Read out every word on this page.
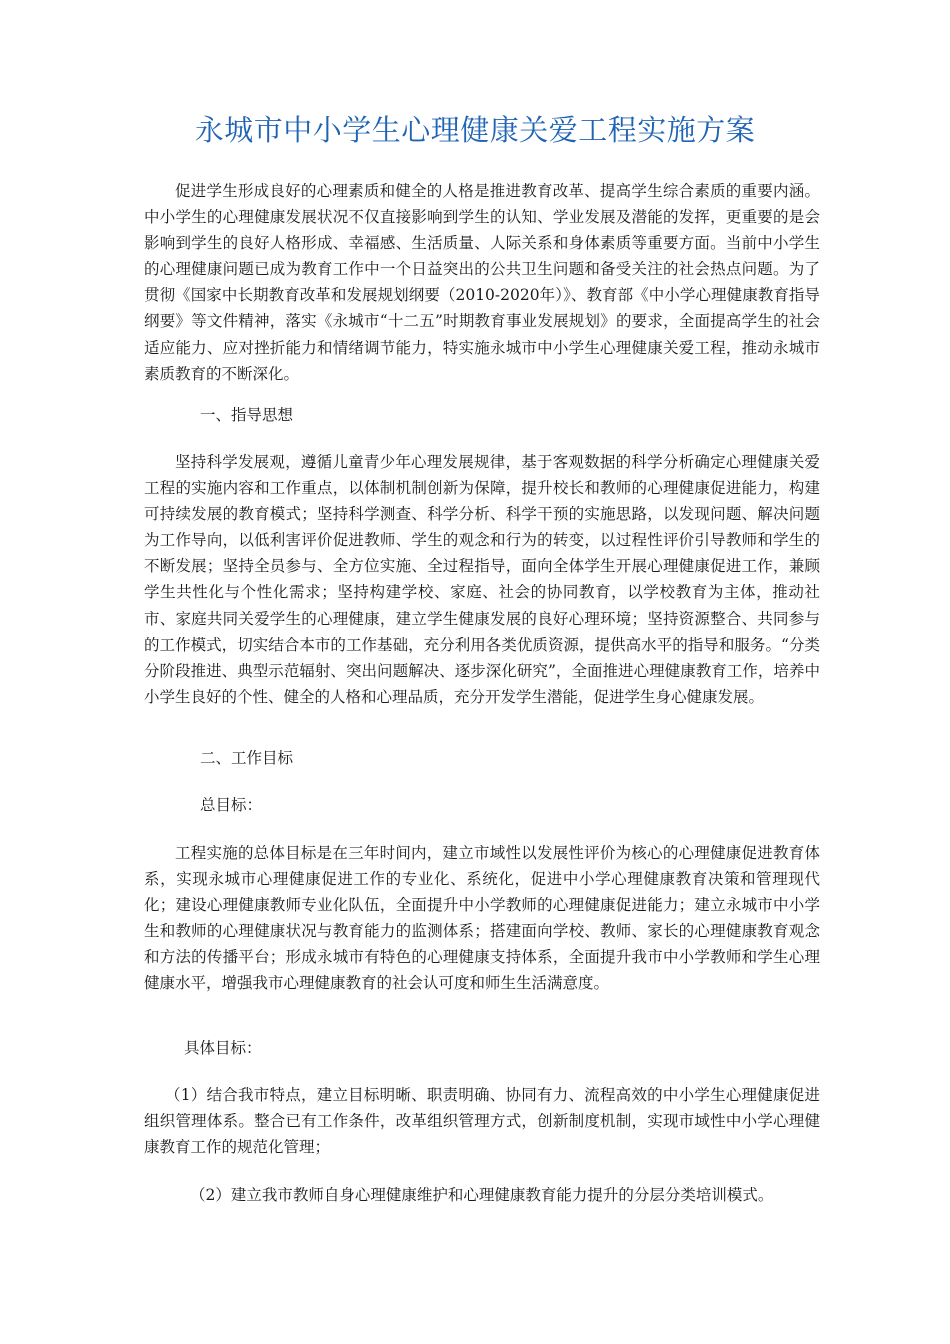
永城市中小学生心理健康关爱工程实施方案

促进学生形成良好的心理素质和健全的人格是推进教育改革、提高学生综合素质的重要内涵。中小学生的心理健康发展状况不仅直接影响到学生的认知、学业发展及潜能的发挥，更重要的是会影响到学生的良好人格形成、幸福感、生活质量、人际关系和身体素质等重要方面。当前中小学生的心理健康问题已成为教育工作中一个日益突出的公共卫生问题和备受关注的社会热点问题。为了贯彻《国家中长期教育改革和发展规划纲要（2010-2020年）》、教育部《中小学心理健康教育指导纲要》等文件精神，落实《永城市“十二五”时期教育事业发展规划》的要求，全面提高学生的社会适应能力、应对挫折能力和情绪调节能力，特实施永城市中小学生心理健康关爱工程，推动永城市素质教育的不断深化。

一、指导思想

坚持科学发展观，遵循儿童青少年心理发展规律，基于客观数据的科学分析确定心理健康关爱工程的实施内容和工作重点，以体制机制创新为保障，提升校长和教师的心理健康促进能力，构建可持续发展的教育模式；坚持科学测查、科学分析、科学干预的实施思路，以发现问题、解决问题为工作导向，以低利害评价促进教师、学生的观念和行为的转变，以过程性评价引导教师和学生的不断发展；坚持全员参与、全方位实施、全过程指导，面向全体学生开展心理健康促进工作，兼顾学生共性化与个性化需求；坚持构建学校、家庭、社会的协同教育，以学校教育为主体，推动社市、家庭共同关爱学生的心理健康，建立学生健康发展的良好心理环境；坚持资源整合、共同参与的工作模式，切实结合本市的工作基础，充分利用各类优质资源，提供高水平的指导和服务。“分类分阶段推进、典型示范辐射、突出问题解决、逐步深化研究”，全面推进心理健康教育工作，培养中小学生良好的个性、健全的人格和心理品质，充分开发学生潜能，促进学生身心健康发展。

二、工作目标

总目标：

工程实施的总体目标是在三年时间内，建立市域性以发展性评价为核心的心理健康促进教育体系，实现永城市心理健康促进工作的专业化、系统化，促进中小学心理健康教育决策和管理现代化；建设心理健康教师专业化队伍，全面提升中小学教师的心理健康促进能力；建立永城市中小学生和教师的心理健康状况与教育能力的监测体系；搭建面向学校、教师、家长的心理健康教育观念和方法的传播平台；形成永城市有特色的心理健康支持体系，全面提升我市中小学教师和学生心理健康水平，增强我市心理健康教育的社会认可度和师生生活满意度。

具体目标：

（1）结合我市特点，建立目标明晰、职责明确、协同有力、流程高效的中小学生心理健康促进组织管理体系。整合已有工作条件，改革组织管理方式，创新制度机制，实现市域性中小学心理健康教育工作的规范化管理；

（2）建立我市教师自身心理健康维护和心理健康教育能力提升的分层分类培训模式。
